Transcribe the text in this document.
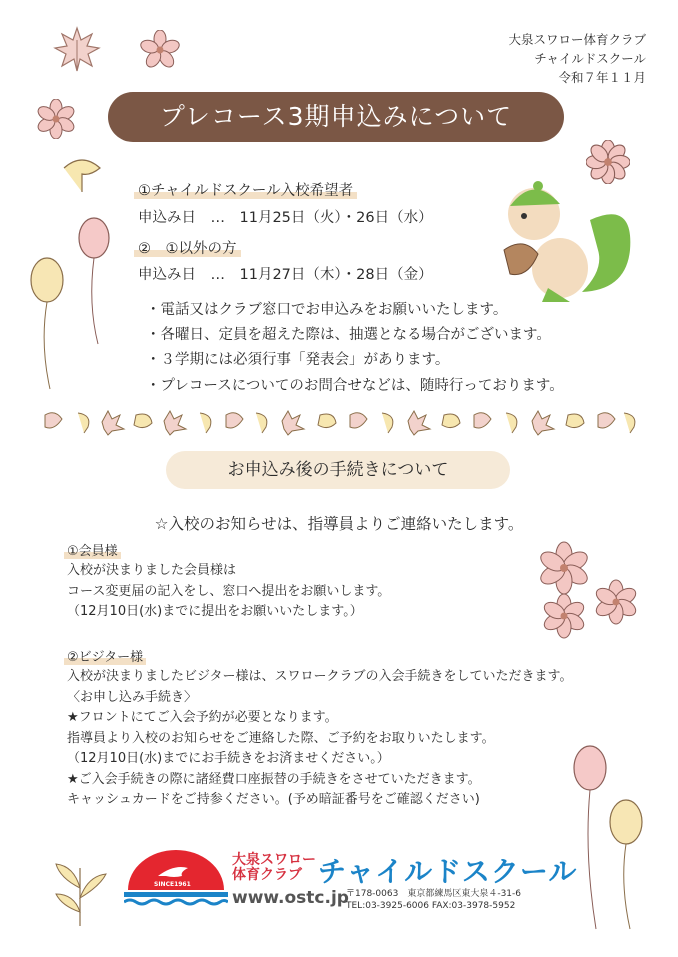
大泉スワロー体育クラブ
チャイルドスクール
令和７年１１月
プレコース3期申込みについて
①チャイルドスクール入校希望者
申込み日　…　11月25日（火）・26日（水）
②　①以外の方
申込み日　…　11月27日（木）・28日（金）
・電話又はクラブ窓口でお申込みをお願いいたします。
・各曜日、定員を超えた際は、抽選となる場合がございます。
・３学期には必須行事「発表会」があります。
・プレコースについてのお問合せなどは、随時行っております。
お申込み後の手続きについて
☆入校のお知らせは、指導員よりご連絡いたします。
①会員様
入校が決まりました会員様は
コース変更届の記入をし、窓口へ提出をお願いします。
（12月10日(水)までに提出をお願いいたします。）
②ビジター様
入校が決まりましたビジター様は、スワロークラブの入会手続きをしていただきます。
〈お申し込み手続き〉
★フロントにてご入会予約が必要となります。
指導員より入校のお知らせをご連絡した際、ご予約をお取りいたします。
（12月10日(水)までにお手続きをお済ませください。）
★ご入会手続きの際に諸経費口座振替の手続きをさせていただきます。
キャッシュカードをご持参ください。(予め暗証番号をご確認ください)
SINCE1961
大泉スワロー
体育クラブ チャイルドスクール
www.ostc.jp
〒178-0063　東京都練馬区東大泉４-31-6
TEL:03-3925-6006 FAX:03-3978-5952
